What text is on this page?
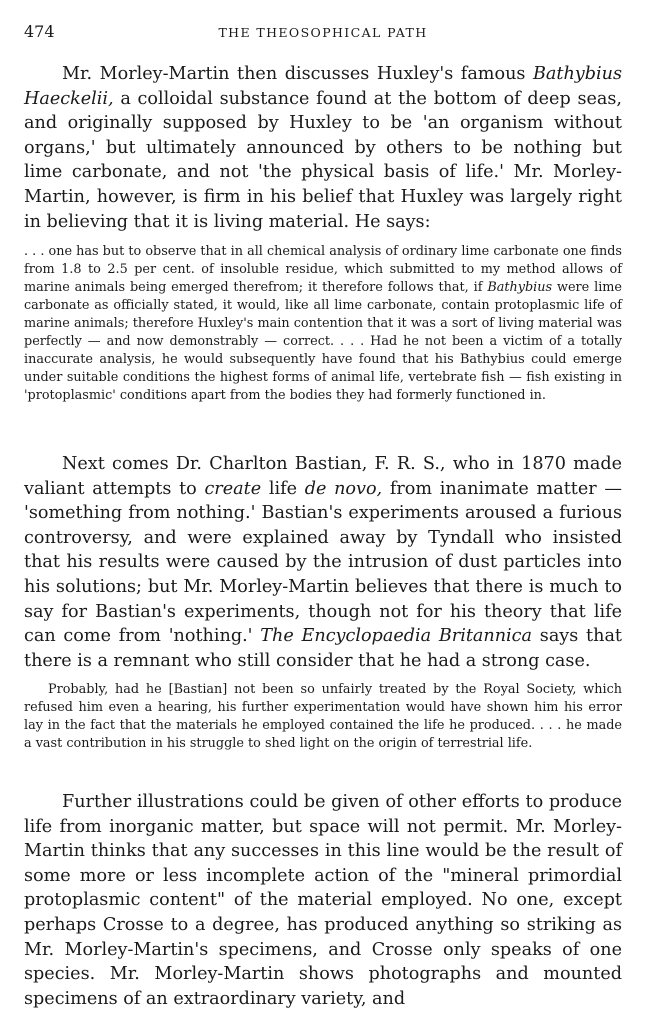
474	THE THEOSOPHICAL PATH

Mr. Morley-Martin then discusses Huxley's famous Bathybius Haeckelii, a colloidal substance found at the bottom of deep seas, and originally supposed by Huxley to be 'an organism without organs,' but ultimately announced by others to be nothing but lime carbonate, and not 'the physical basis of life.' Mr. Morley-Martin, however, is firm in his belief that Huxley was largely right in believing that it is living material. He says:

. . . one has but to observe that in all chemical analysis of ordinary lime carbonate one finds from 1.8 to 2.5 per cent. of insoluble residue, which submitted to my method allows of marine animals being emerged therefrom; it therefore follows that, if Bathybius were lime carbonate as officially stated, it would, like all lime carbonate, contain protoplasmic life of marine animals; therefore Huxley's main contention that it was a sort of living material was perfectly — and now demonstrably — correct. . . . Had he not been a victim of a totally inaccurate analysis, he would subsequently have found that his Bathybius could emerge under suitable conditions the highest forms of animal life, vertebrate fish — fish existing in 'protoplasmic' conditions apart from the bodies they had formerly functioned in.

Next comes Dr. Charlton Bastian, F. R. S., who in 1870 made valiant attempts to create life de novo, from inanimate matter — 'something from nothing.' Bastian's experiments aroused a furious controversy, and were explained away by Tyndall who insisted that his results were caused by the intrusion of dust particles into his solutions; but Mr. Morley-Martin believes that there is much to say for Bastian's experiments, though not for his theory that life can come from 'nothing.' The Encyclopaedia Britannica says that there is a remnant who still consider that he had a strong case.

Probably, had he [Bastian] not been so unfairly treated by the Royal Society, which refused him even a hearing, his further experimentation would have shown him his error lay in the fact that the materials he employed contained the life he produced. . . . he made a vast contribution in his struggle to shed light on the origin of terrestrial life.

Further illustrations could be given of other efforts to produce life from inorganic matter, but space will not permit. Mr. Morley-Martin thinks that any successes in this line would be the result of some more or less incomplete action of the "mineral primordial protoplasmic content" of the material employed. No one, except perhaps Crosse to a degree, has produced anything so striking as Mr. Morley-Martin's specimens, and Crosse only speaks of one species. Mr. Morley-Martin shows photographs and mounted specimens of an extraordinary variety, and
